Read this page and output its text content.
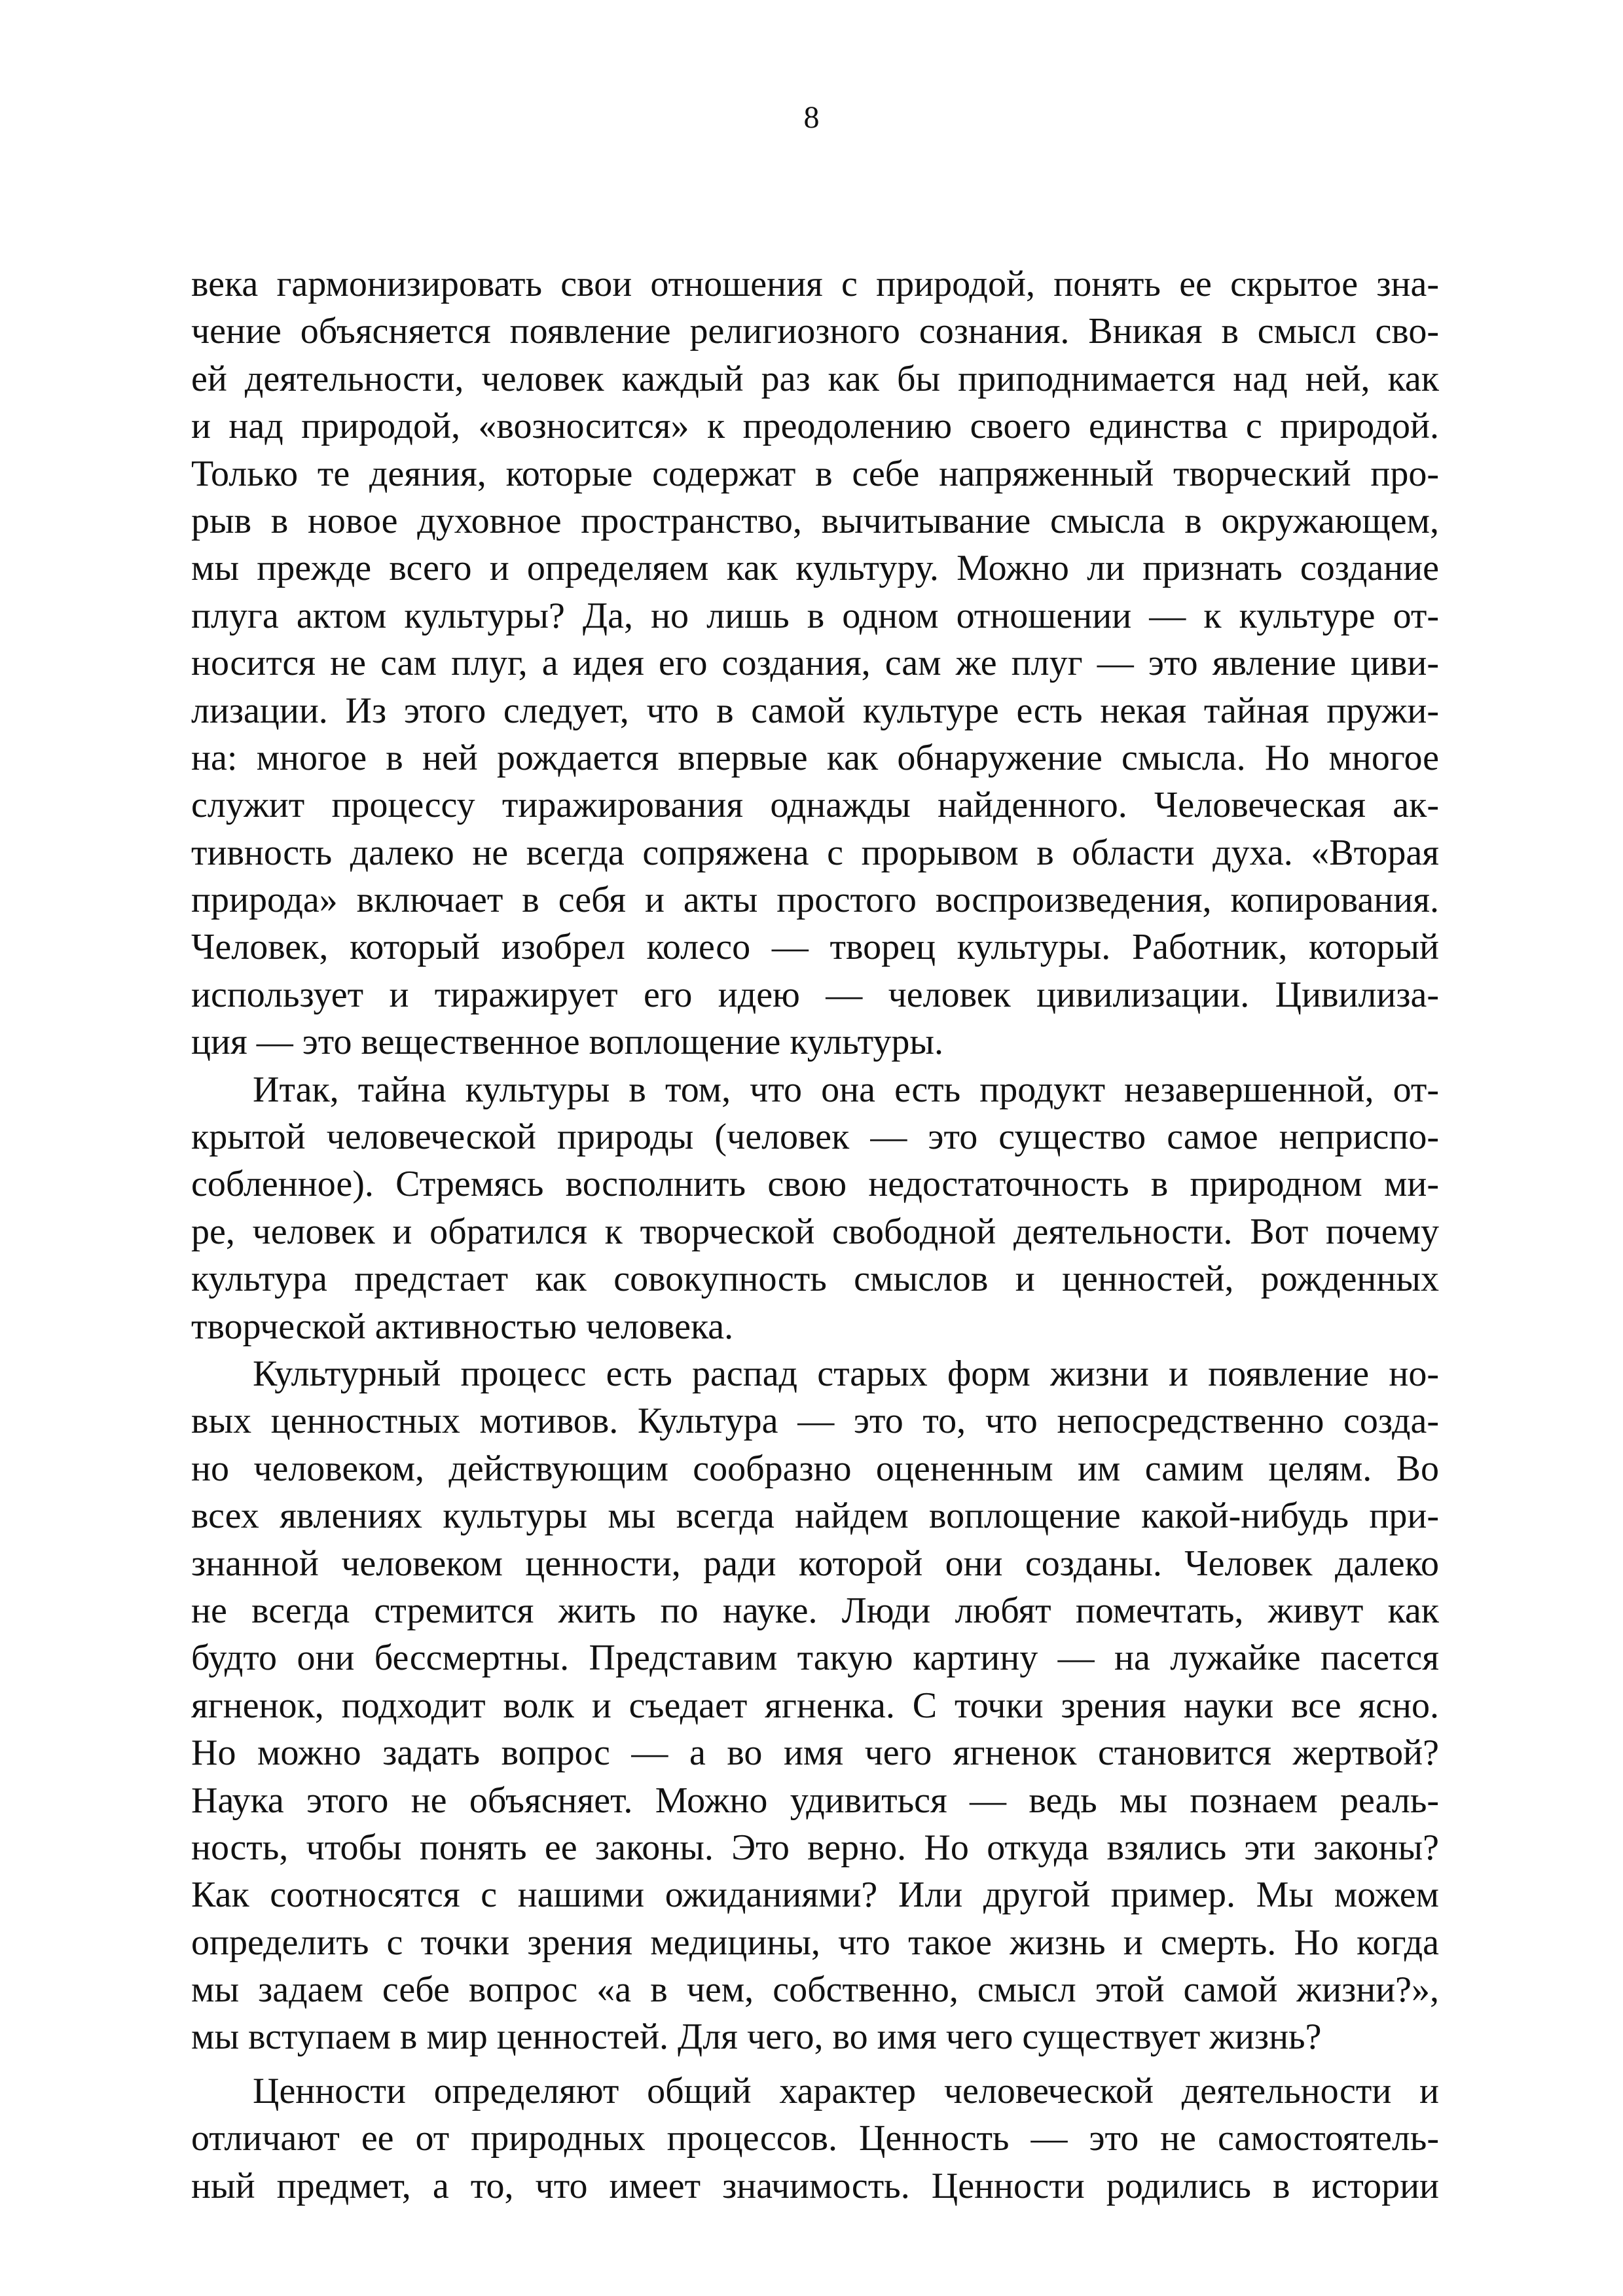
8
века гармонизировать свои отношения с природой, понять ее скрытое зна-
чение объясняется появление религиозного сознания. Вникая в смысл сво-
ей деятельности, человек каждый раз как бы приподнимается над ней, как
и над природой, «возносится» к преодолению своего единства с природой.
Только те деяния, которые содержат в себе напряженный творческий про-
рыв в новое духовное пространство, вычитывание смысла в окружающем,
мы прежде всего и определяем как культуру. Можно ли признать создание
плуга актом культуры? Да, но лишь в одном отношении — к культуре от-
носится не сам плуг, а идея его создания, сам же плуг — это явление циви-
лизации. Из этого следует, что в самой культуре есть некая тайная пружи-
на: многое в ней рождается впервые как обнаружение смысла. Но многое
служит процессу тиражирования однажды найденного. Человеческая ак-
тивность далеко не всегда сопряжена с прорывом в области духа. «Вторая
природа» включает в себя и акты простого воспроизведения, копирования.
Человек, который изобрел колесо — творец культуры. Работник, который
использует и тиражирует его идею — человек цивилизации. Цивилиза-
ция — это вещественное воплощение культуры.
Итак, тайна культуры в том, что она есть продукт незавершенной, от-
крытой человеческой природы (человек — это существо самое неприспо-
собленное). Стремясь восполнить свою недостаточность в природном ми-
ре, человек и обратился к творческой свободной деятельности. Вот почему
культура предстает как совокупность смыслов и ценностей, рожденных
творческой активностью человека.
Культурный процесс есть распад старых форм жизни и появление но-
вых ценностных мотивов. Культура — это то, что непосредственно созда-
но человеком, действующим сообразно оцененным им самим целям. Во
всех явлениях культуры мы всегда найдем воплощение какой-нибудь при-
знанной человеком ценности, ради которой они созданы. Человек далеко
не всегда стремится жить по науке. Люди любят помечтать, живут как
будто они бессмертны. Представим такую картину — на лужайке пасется
ягненок, подходит волк и съедает ягненка. С точки зрения науки все ясно.
Но можно задать вопрос — а во имя чего ягненок становится жертвой?
Наука этого не объясняет. Можно удивиться — ведь мы познаем реаль-
ность, чтобы понять ее законы. Это верно. Но откуда взялись эти законы?
Как соотносятся с нашими ожиданиями? Или другой пример. Мы можем
определить с точки зрения медицины, что такое жизнь и смерть. Но когда
мы задаем себе вопрос «а в чем, собственно, смысл этой самой жизни?»,
мы вступаем в мир ценностей. Для чего, во имя чего существует жизнь?
Ценности определяют общий характер человеческой деятельности и
отличают ее от природных процессов. Ценность — это не самостоятель-
ный предмет, а то, что имеет значимость. Ценности родились в истории
